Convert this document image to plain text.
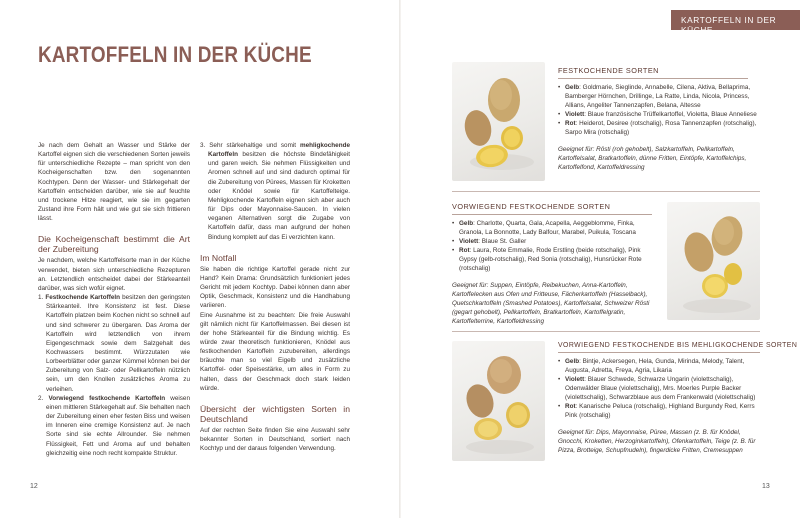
KARTOFFELN IN DER KÜCHE
KARTOFFELN IN DER KÜCHE

Je nach dem Gehalt an Wasser und Stärke der Kartoffel eignen sich die verschiedenen Sorten jeweils für unterschiedliche Rezepte – man spricht von den Kocheigenschaften bzw. den sogenannten Kochtypen. Denn der Wasser- und Stärkegehalt der Kartoffeln entscheiden darüber, wie sie auf feuchte und trockene Hitze reagiert, wie sie im gegarten Zustand ihre Form hält und wie gut sie sich frittieren lässt.

Die Kocheigenschaft bestimmt die Art der Zubereitung

Je nachdem, welche Kartoffelsorte man in der Küche verwendet, bieten sich unterschiedliche Rezepturen an. Letztendlich entscheidet dabei der Stärkeanteil darüber, was sich wofür eignet.

1. Festkochende Kartoffeln besitzen den geringsten Stärkeanteil. Ihre Konsistenz ist fest. Diese Kartoffeln platzen beim Kochen nicht so schnell auf und sind schwerer zu übergaren. Das Aroma der Kartoffeln wird letztendlich von ihrem Eigengeschmack sowie dem Salzgehalt des Kochwassers bestimmt. Würzzutaten wie Lorbeerblätter oder ganzer Kümmel können bei der Zubereitung von Salz- oder Pellkartoffeln nützlich sein, um den Knollen zusätzliches Aroma zu verleihen.

2. Vorwiegend festkochende Kartoffeln weisen einen mittleren Stärkegehalt auf. Sie behalten nach der Zubereitung einen eher festen Biss und weisen im Inneren eine cremige Konsistenz auf. Je nach Sorte sind sie echte Allrounder. Sie nehmen Flüssigkeit, Fett und Aroma auf und behalten gleichzeitig eine noch recht kompakte Struktur.

3. Sehr stärkehaltige und somit mehligkochende Kartoffeln besitzen die höchste Bindefähigkeit und garen weich. Sie nehmen Flüssigkeiten und Aromen schnell auf und sind dadurch optimal für die Zubereitung von Pürees, Massen für Kroketten oder Knödel sowie für Kartoffelteige. Mehligkochende Kartoffeln eignen sich aber auch für Dips oder Mayonnaise-Saucen. In vielen veganen Alternativen sorgt die Zugabe von Kartoffeln dafür, dass man aufgrund der hohen Bindung komplett auf das Ei verzichten kann.

Im Notfall

Sie haben die richtige Kartoffel gerade nicht zur Hand? Kein Drama: Grundsätzlich funktioniert jedes Gericht mit jedem Kochtyp. Dabei können dann aber Optik, Geschmack, Konsistenz und die Handhabung variieren.

Eine Ausnahme ist zu beachten: Die freie Auswahl gilt nämlich nicht für Kartoffelmassen. Bei diesen ist der hohe Stärkeanteil für die Bindung wichtig. Es würde zwar theoretisch funktionieren, Knödel aus festkochenden Kartoffeln zuzubereiten, allerdings bräuchte man so viel Eigelb und zusätzliche Kartoffel- oder Speisestärke, um alles in Form zu halten, dass der Geschmack doch stark leiden würde.

Übersicht der wichtigsten Sorten in Deutschland

Auf der rechten Seite finden Sie eine Auswahl sehr bekannter Sorten in Deutschland, sortiert nach Kochtyp und der daraus folgenden Verwendung.

12	13
FESTKOCHENDE SORTEN
• Gelb: Goldmarie, Sieglinde, Annabelle, Cilena, Aktiva, Bellaprima, Bamberger Hörnchen, Drillinge, La Ratte, Linda, Nicola, Princess, Allians, Angeliter Tannenzapfen, Belana, Altesse
• Violett: Blaue französische Trüffelkartoffel, Violetta, Blaue Anneliese
• Rot: Heiderot, Desiree (rotschalig), Rosa Tannenzapfen (rotschalig), Sarpo Mira (rotschalig)
Geeignet für: Rösti (roh gehobelt), Salzkartoffeln, Pellkartoffeln, Kartoffelsalat, Bratkartoffeln, dünne Fritten, Eintöpfe, Kartoffelchips, Kartoffelfond, Kartoffeldressing
VORWIEGEND FESTKOCHENDE SORTEN
• Gelb: Charlotte, Quarta, Gala, Acapella, Aeggeblomme, Finka, Granola, La Bonnotte, Lady Balfour, Marabel, Puikula, Toscana
• Violett: Blaue St. Galler
• Rot: Laura, Rote Emmalie, Rode Erstling (beide rotschalig), Pink Gypsy (gelb-rotschalig), Red Sonia (rotschalig), Hunsrücker Rote (rotschalig)
Geeignet für: Suppen, Eintöpfe, Reibekuchen, Anna-Kartoffeln, Kartoffelecken aus Ofen und Fritteuse, Fächerkartoffeln (Hasselback), Quetschkartoffeln (Smashed Potatoes), Kartoffelsalat, Schweizer Rösti (gegart gehobelt), Pellkartoffeln, Bratkartoffeln, Kartoffelgratin, Kartoffelterrine, Kartoffeldressing
VORWIEGEND FESTKOCHENDE BIS MEHLIGKOCHENDE SORTEN
• Gelb: Bintje, Ackersegen, Hela, Gunda, Mirinda, Melody, Talent, Augusta, Adretta, Freya, Agria, Likaria
• Violett: Blauer Schwede, Schwarze Ungarin (violettschalig), Odenwälder Blaue (violettschalig), Mrs. Moerles Purple Backer (violettschalig), Schwarzblaue aus dem Frankenwald (violettschalig)
• Rot: Kanarische Peluca (rotschalig), Highland Burgundy Red, Kerrs Pink (rotschalig)
Geeignet für: Dips, Mayonnaise, Püree, Massen (z. B. für Knödel, Gnocchi, Kroketten, Herzoginkartoffeln), Ofenkartoffeln, Teige (z. B. für Pizza, Brotteige, Schupfnudeln), fingerdicke Fritten, Cremesuppen
